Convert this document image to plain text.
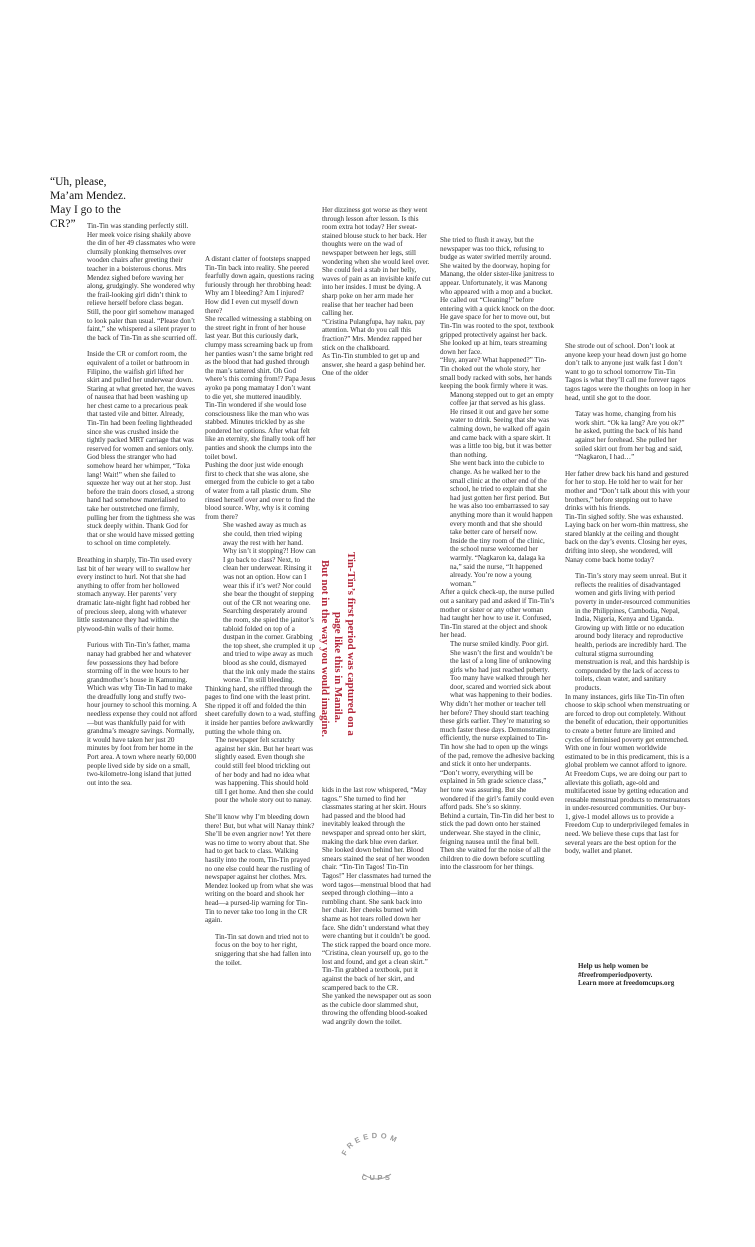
“Uh, please,
Ma’am Mendez.
May I go to the
CR?”	Tin-Tin was standing perfectly still. Her meek voice rising shakily above the din of her 49 classmates who were clumsily plonking themselves over wooden chairs after greeting their teacher in a boisterous chorus. Mrs Mendez sighed before waving her along, grudgingly. She wondered why the frail-looking girl didn’t think to relieve herself before class began. Still, the poor girl somehow managed to look paler than usual. “Please don’t faint,” she whispered a silent prayer to the back of Tin-Tin as she scurried off.

Inside the CR or comfort room, the equivalent of a toilet or bathroom in Filipino, the waifish girl lifted her skirt and pulled her underwear down. Staring at what greeted her, the waves of nausea that had been washing up her chest came to a precarious peak that tasted vile and bitter. Already, Tin-Tin had been feeling lightheaded since she was crushed inside the tightly packed MRT carriage that was reserved for women and seniors only. God bless the stranger who had somehow heard her whimper, “Toka lang! Wait!” when she failed to squeeze her way out at her stop. Just before the train doors closed, a strong hand had somehow materialised to take her outstretched one firmly, pulling her from the tightness she was stuck deeply within. Thank God for that or she would have missed getting to school on time completely.

Breathing in sharply, Tin-Tin used every last bit of her weary will to swallow her every instinct to hurl. Not that she had anything to offer from her hollowed stomach anyway. Her parents’ very dramatic late-night fight had robbed her of precious sleep, along with whatever little sustenance they had within the plywood-thin walls of their home.

Furious with Tin-Tin’s father, mama nanay had grabbed her and whatever few possessions they had before storming off in the wee hours to her grandmother’s house in Kamuning. Which was why Tin-Tin had to make the dreadfully long and stuffy two-hour journey to school this morning. A needless expense they could not afford—but was thankfully paid for with grandma’s meagre savings. Normally, it would have taken her just 20 minutes by foot from her home in the Port area. A town where nearly 60,000 people lived side by side on a small, two-kilometre-long island that jutted out into the sea.

A distant clatter of footsteps snapped Tin-Tin back into reality. She peered fearfully down again, questions racing furiously through her throbbing head: Why am I bleeding? Am I injured? How did I even cut myself down there?

She recalled witnessing a stabbing on the street right in front of her house last year. But this curiously dark, clumpy mass screaming back up from her panties wasn’t the same bright red as the blood that had gushed through the man’s tattered shirt. Oh God where’s this coming from!? Papa Jesus ayoko pa pong mamatay I don’t want to die yet, she muttered inaudibly.

Tin-Tin wondered if she would lose consciousness like the man who was stabbed. Minutes trickled by as she pondered her options. After what felt like an eternity, she finally took off her panties and shook the clumps into the toilet bowl.

Pushing the door just wide enough first to check that she was alone, she emerged from the cubicle to get a tabo of water from a tall plastic drum. She rinsed herself over and over to find the blood source. Why, why is it coming from there?

She washed away as much as she could, then tried wiping away the rest with her hand. Why isn’t it stopping?! How can I go back to class? Next, to clean her underwear. Rinsing it was not an option. How can I wear this if it’s wet? Nor could she bear the thought of stepping out of the CR not wearing one. Searching desperately around the room, she spied the janitor’s tabloid folded on top of a dustpan in the corner. Grabbing the top sheet, she crumpled it up and tried to wipe away as much blood as she could, dismayed that the ink only made the stains worse. I’m still bleeding.

Thinking hard, she riffled through the pages to find one with the least print. She ripped it off and folded the thin sheet carefully down to a wad, stuffing it inside her panties before awkwardly putting the whole thing on.

The newspaper felt scratchy against her skin. But her heart was slightly eased. Even though she could still feel blood trickling out of her body and had no idea what was happening. This should hold till I get home. And then she could pour the whole story out to nanay.

She’ll know why I’m bleeding down there! But, but what will Nanay think? She’ll be even angrier now! Yet there was no time to worry about that. She had to get back to class. Walking hastily into the room, Tin-Tin prayed no one else could hear the rustling of newspaper against her clothes. Mrs. Mendez looked up from what she was writing on the board and shook her head—a pursed-lip warning for Tin-Tin to never take too long in the CR again.

Tin-Tin sat down and tried not to focus on the boy to her right, sniggering that she had fallen into the toilet.

Her dizziness got worse as they went through lesson after lesson. Is this room extra hot today? Her sweat-stained blouse stuck to her back. Her thoughts were on the wad of newspaper between her legs, still wondering when she would keel over. She could feel a stab in her belly, waves of pain as an invisible knife cut into her insides. I must be dying. A sharp poke on her arm made her realise that her teacher had been calling her.

“Cristina Pulangfupa, hay naku, pay attention. What do you call this fraction?” Mrs. Mendez rapped her stick on the chalkboard.

As Tin-Tin stumbled to get up and answer, she heard a gasp behind her. One of the older

kids in the last row whispered, “May tagos.” She turned to find her classmates staring at her skirt. Hours had passed and the blood had inevitably leaked through the newspaper and spread onto her skirt, making the dark blue even darker.

She looked down behind her. Blood smears stained the seat of her wooden chair. “Tin-Tin Tagos! Tin-Tin Tagos!” Her classmates had turned the word tagos—menstrual blood that had seeped through clothing—into a rumbling chant. She sank back into her chair. Her cheeks burned with shame as hot tears rolled down her face. She didn’t understand what they were chanting but it couldn’t be good. The stick rapped the board once more. “Cristina, clean yourself up, go to the lost and found, and get a clean skirt.” Tin-Tin grabbed a textbook, put it against the back of her skirt, and scampered back to the CR.

She yanked the newspaper out as soon as the cubicle door slammed shut, throwing the offending blood-soaked wad angrily down the toilet.

She tried to flush it away, but the newspaper was too thick, refusing to budge as water swirled merrily around.

She waited by the doorway, hoping for Manang, the older sister-like janitress to appear. Unfortunately, it was Manong who appeared with a mop and a bucket. He called out “Cleaning!” before entering with a quick knock on the door. He gave space for her to move out, but Tin-Tin was rooted to the spot, textbook gripped protectively against her back. She looked up at him, tears streaming down her face.

“Huy, anyare? What happened?” Tin-Tin choked out the whole story, her small body racked with sobs, her hands keeping the book firmly where it was.

Manong stepped out to get an empty coffee jar that served as his glass. He rinsed it out and gave her some water to drink. Seeing that she was calming down, he walked off again and came back with a spare skirt. It was a little too big, but it was better than nothing.

She went back into the cubicle to change. As he walked her to the small clinic at the other end of the school, he tried to explain that she had just gotten her first period. But he was also too embarrassed to say anything more than it would happen every month and that she should take better care of herself now.

Inside the tiny room of the clinic, the school nurse welcomed her warmly. “Nagkaron ka, dalaga ka na,” said the nurse, “It happened already. You’re now a young woman.”

After a quick check-up, the nurse pulled out a sanitary pad and asked if Tin-Tin’s mother or sister or any other woman had taught her how to use it. Confused, Tin-Tin stared at the object and shook her head.

The nurse smiled kindly. Poor girl. She wasn’t the first and wouldn’t be the last of a long line of unknowing girls who had just reached puberty. Too many have walked through her door, scared and worried sick about what was happening to their bodies.

Why didn’t her mother or teacher tell her before? They should start teaching these girls earlier. They’re maturing so much faster these days. Demonstrating efficiently, the nurse explained to Tin-Tin how she had to open up the wings of the pad, remove the adhesive backing and stick it onto her underpants.

“Don’t worry, everything will be explained in 5th grade science class,” her tone was assuring. But she wondered if the girl’s family could even afford pads. She’s so skinny.

Behind a curtain, Tin-Tin did her best to stick the pad down onto her stained underwear. She stayed in the clinic, feigning nausea until the final bell. Then she waited for the noise of all the children to die down before scuttling into the classroom for her things.

She strode out of school. Don’t look at anyone keep your head down just go home don’t talk to anyone just walk fast I don’t want to go to school tomorrow Tin-Tin Tagos is what they’ll call me forever tagos tagos tagos were the thoughts on loop in her head, until she got to the door.

Tatay was home, changing from his work shirt. “Ok ka lang? Are you ok?” he asked, putting the back of his hand against her forehead. She pulled her soiled skirt out from her bag and said, “Nagkaron, I had…”

Her father drew back his hand and gestured for her to stop. He told her to wait for her mother and “Don’t talk about this with your brothers,” before stepping out to have drinks with his friends.

Tin-Tin sighed softly. She was exhausted. Laying back on her worn-thin mattress, she stared blankly at the ceiling and thought back on the day’s events. Closing her eyes, drifting into sleep, she wondered, will Nanay come back home today?

Tin-Tin’s story may seem unreal. But it reflects the realities of disadvantaged women and girls living with period poverty in under-resourced communities in the Philippines, Cambodia, Nepal, India, Nigeria, Kenya and Uganda. Growing up with little or no education around body literacy and reproductive health, periods are incredibly hard. The cultural stigma surrounding menstruation is real, and this hardship is compounded by the lack of access to toilets, clean water, and sanitary products.

In many instances, girls like Tin-Tin often choose to skip school when menstruating or are forced to drop out completely. Without the benefit of education, their opportunities to create a better future are limited and cycles of feminised poverty get entrenched.

With one in four women worldwide estimated to be in this predicament, this is a global problem we cannot afford to ignore.

At Freedom Cups, we are doing our part to alleviate this goliath, age-old and multifaceted issue by getting education and reusable menstrual products to menstruators in under-resourced communities. Our buy-1, give-1 model allows us to provide a Freedom Cup to underprivileged females in need. We believe these cups that last for several years are the best option for the body, wallet and planet.

Help us help women be
#freefromperiodpoverty.
Learn more at freedomcups.org
Tin-Tin’s first period was captured on a
page like this in Manila.
But not in the way you would imagine.
FREEDOM
CUPS
